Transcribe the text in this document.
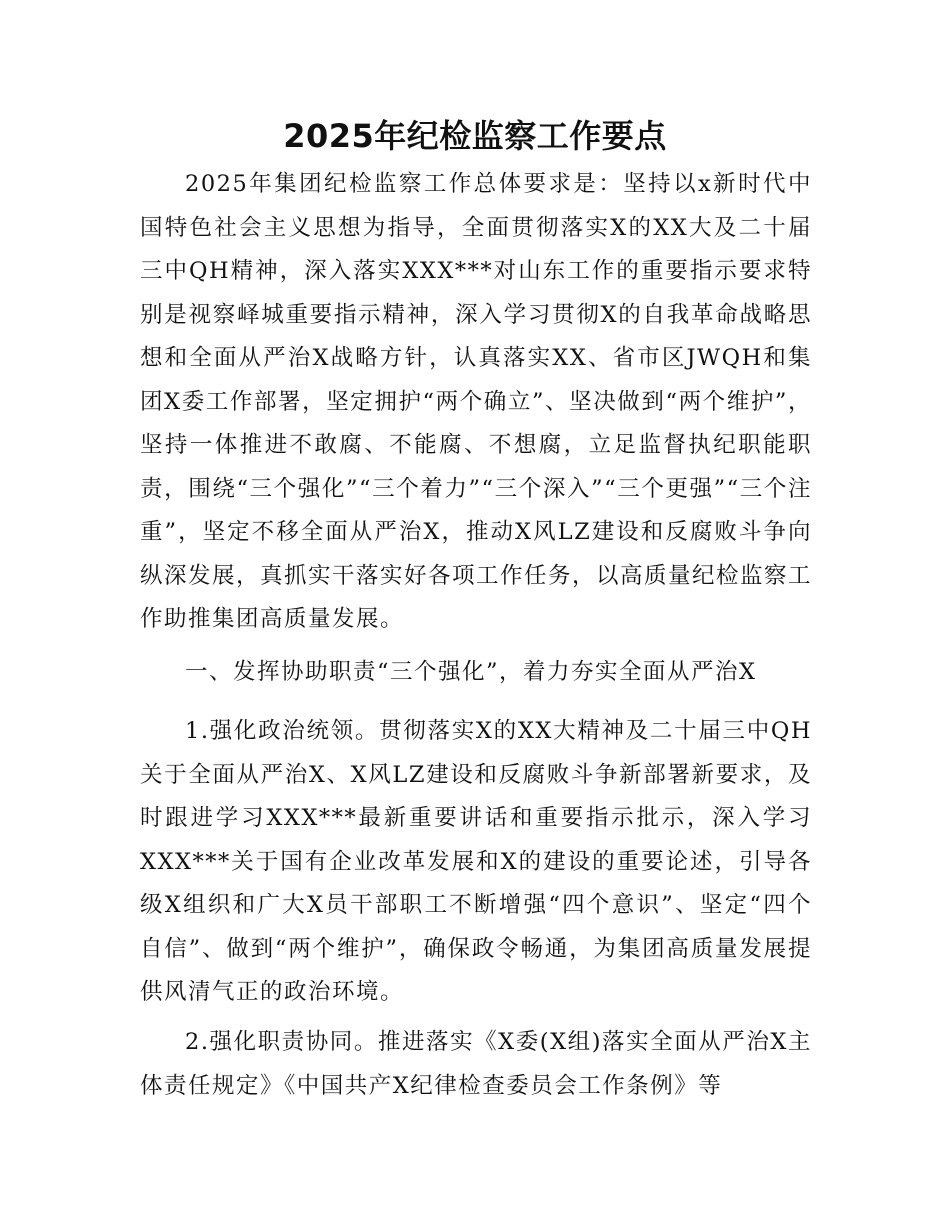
2025年纪检监察工作要点

2025年集团纪检监察工作总体要求是：坚持以x新时代中国特色社会主义思想为指导，全面贯彻落实X的XX大及二十届三中QH精神，深入落实XXX***对山东工作的重要指示要求特别是视察峄城重要指示精神，深入学习贯彻X的自我革命战略思想和全面从严治X战略方针，认真落实XX、省市区JWQH和集团X委工作部署，坚定拥护“两个确立”、坚决做到“两个维护”，坚持一体推进不敢腐、不能腐、不想腐，立足监督执纪职能职责，围绕“三个强化”“三个着力”“三个深入”“三个更强”“三个注重”，坚定不移全面从严治X，推动X风LZ建设和反腐败斗争向纵深发展，真抓实干落实好各项工作任务，以高质量纪检监察工作助推集团高质量发展。

一、发挥协助职责“三个强化”，着力夯实全面从严治X

1.强化政治统领。贯彻落实X的XX大精神及二十届三中QH关于全面从严治X、X风LZ建设和反腐败斗争新部署新要求，及时跟进学习XXX***最新重要讲话和重要指示批示，深入学习XXX***关于国有企业改革发展和X的建设的重要论述，引导各级X组织和广大X员干部职工不断增强“四个意识”、坚定“四个自信”、做到“两个维护”，确保政令畅通，为集团高质量发展提供风清气正的政治环境。

2.强化职责协同。推进落实《X委(X组)落实全面从严治X主体责任规定》《中国共产X纪律检查委员会工作条例》等
